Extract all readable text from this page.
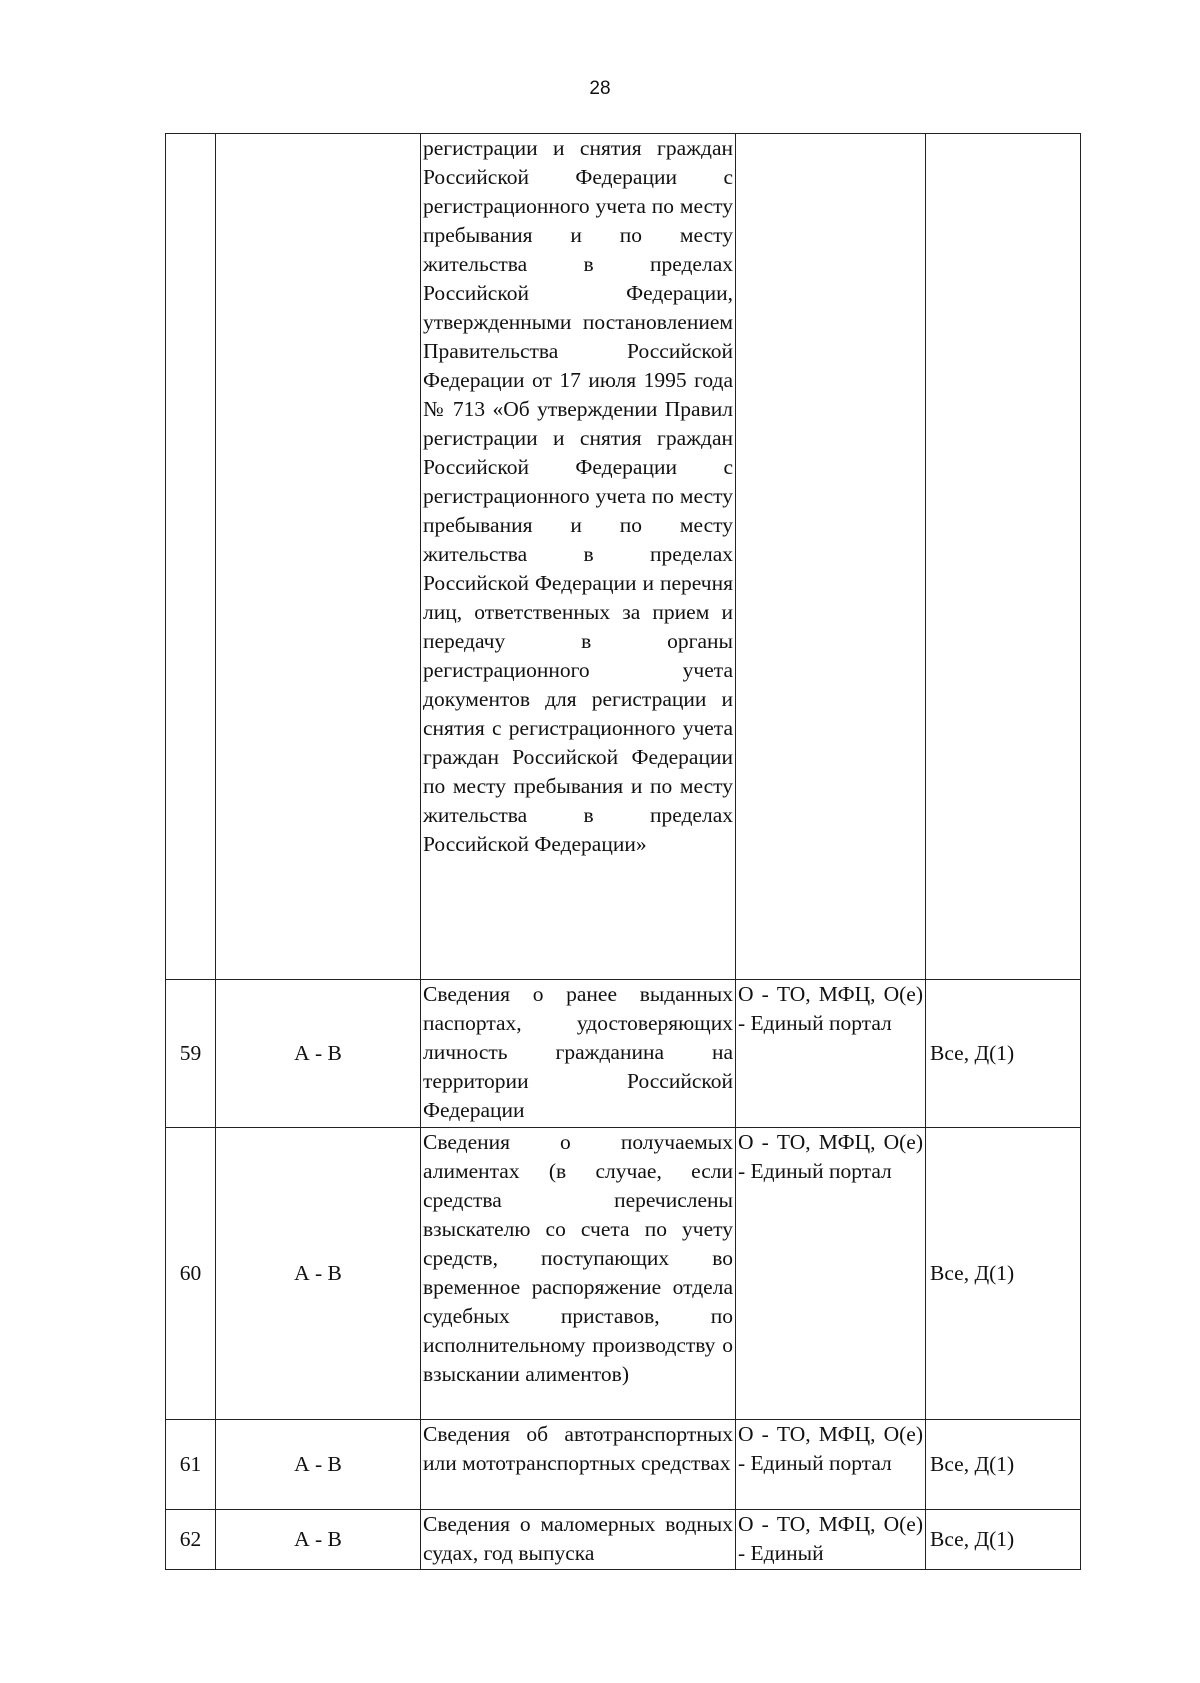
28
		регистрации и снятия граждан Российской Федерации с регистрационного учета по месту пребывания и по месту жительства в пределах Российской Федерации, утвержденными постановлением Правительства Российской Федерации от 17 июля 1995 года № 713 «Об утверждении Правил регистрации и снятия граждан Российской Федерации с регистрационного учета по месту пребывания и по месту жительства в пределах Российской Федерации и перечня лиц, ответственных за прием и передачу в органы регистрационного учета документов для регистрации и снятия с регистрационного учета граждан Российской Федерации по месту пребывания и по месту жительства в пределах Российской Федерации»		
59	А - В	Сведения о ранее выданных паспортах, удостоверяющих личность гражданина на территории Российской Федерации	О - ТО, МФЦ, О(е) - Единый портал	Все, Д(1)
60	А - В	Сведения о получаемых алиментах (в случае, если средства перечислены взыскателю со счета по учету средств, поступающих во временное распоряжение отдела судебных приставов, по исполнительному производству о взыскании алиментов)	О - ТО, МФЦ, О(е) - Единый портал	Все, Д(1)
61	А - В	Сведения об автотранспортных или мототранспортных средствах	О - ТО, МФЦ, О(е) - Единый портал	Все, Д(1)
62	А - В	Сведения о маломерных водных судах, год выпуска	О - ТО, МФЦ, О(е) - Единый	Все, Д(1)
